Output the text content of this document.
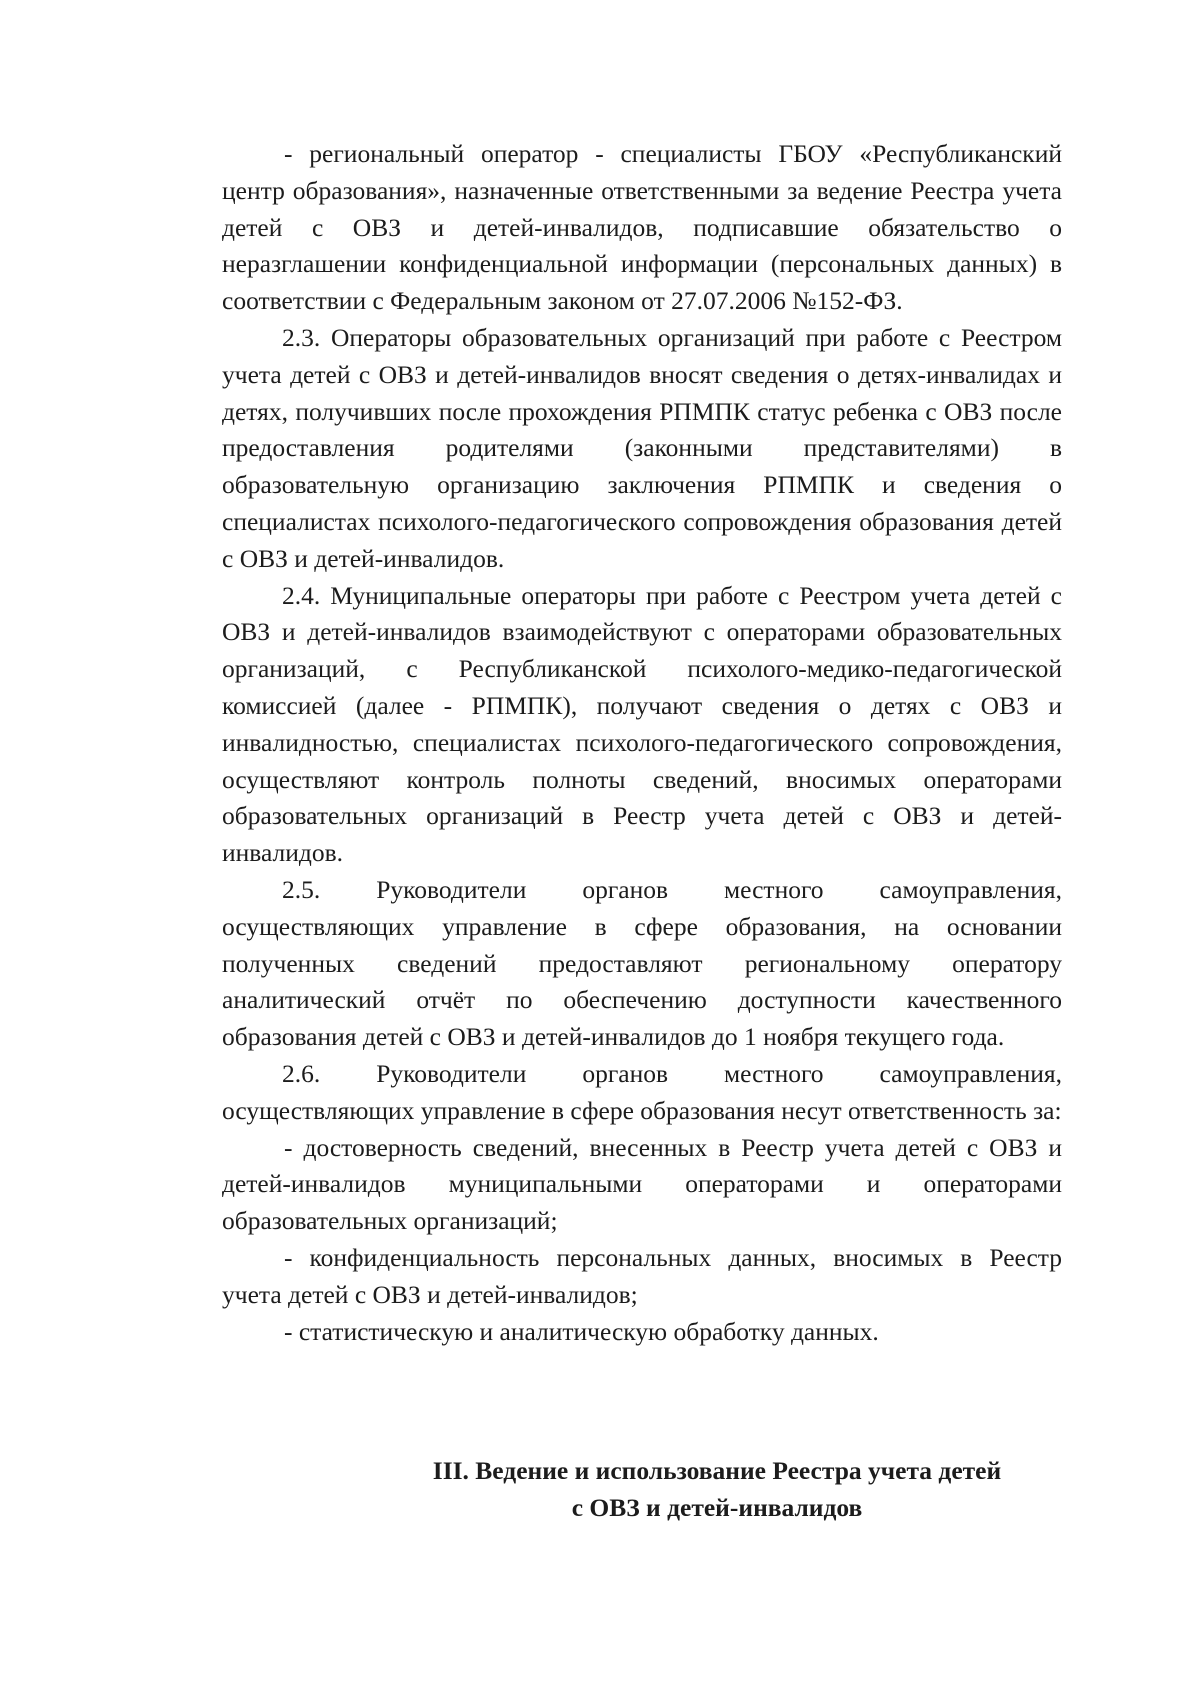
- региональный оператор - специалисты ГБОУ «Республиканский центр образования», назначенные ответственными за ведение Реестра учета детей с ОВЗ и детей-инвалидов, подписавшие обязательство о неразглашении конфиденциальной информации (персональных данных) в соответствии с Федеральным законом от 27.07.2006 №152-ФЗ.

2.3. Операторы образовательных организаций при работе с Реестром учета детей с ОВЗ и детей-инвалидов вносят сведения о детях-инвалидах и детях, получивших после прохождения РПМПК статус ребенка с ОВЗ после предоставления родителями (законными представителями) в образовательную организацию заключения РПМПК и сведения о специалистах психолого-педагогического сопровождения образования детей с ОВЗ и детей-инвалидов.

2.4. Муниципальные операторы при работе с Реестром учета детей с ОВЗ и детей-инвалидов взаимодействуют с операторами образовательных организаций, с Республиканской психолого-медико-педагогической комиссией (далее - РПМПК), получают сведения о детях с ОВЗ и инвалидностью, специалистах психолого-педагогического сопровождения, осуществляют контроль полноты сведений, вносимых операторами образовательных организаций в Реестр учета детей с ОВЗ и детей-инвалидов.

2.5. Руководители органов местного самоуправления, осуществляющих управление в сфере образования, на основании полученных сведений предоставляют региональному оператору аналитический отчёт по обеспечению доступности качественного образования детей с ОВЗ и детей-инвалидов до 1 ноября текущего года.

2.6. Руководители органов местного самоуправления, осуществляющих управление в сфере образования несут ответственность за:

- достоверность сведений, внесенных в Реестр учета детей с ОВЗ и детей-инвалидов муниципальными операторами и операторами образовательных организаций;

- конфиденциальность персональных данных, вносимых в Реестр учета детей с ОВЗ и детей-инвалидов;

- статистическую и аналитическую обработку данных.

III. Ведение и использование Реестра учета детей
с ОВЗ и детей-инвалидов
